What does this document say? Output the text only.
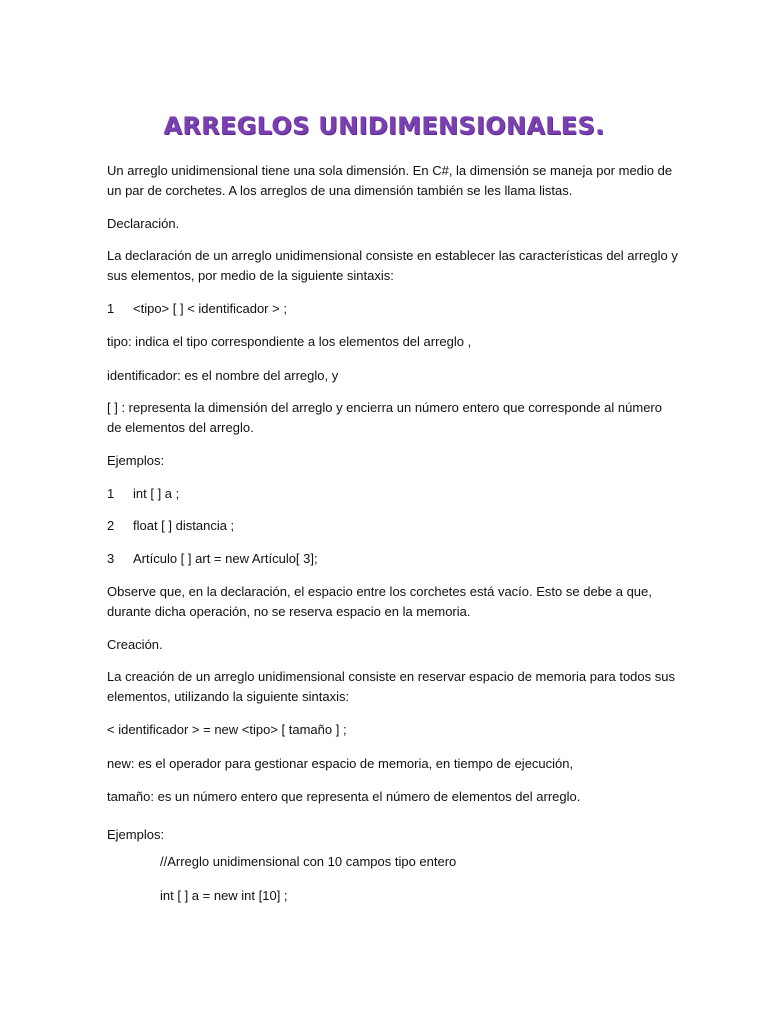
ARREGLOS UNIDIMENSIONALES.
Un arreglo unidimensional tiene una sola dimensión. En C#, la dimensión se maneja por medio de
un par de corchetes. A los arreglos de una dimensión también se les llama listas.
Declaración.
La declaración de un arreglo unidimensional consiste en establecer las características del arreglo y
sus elementos, por medio de la siguiente sintaxis:
1 <tipo> [ ] < identificador > ;
tipo: indica el tipo correspondiente a los elementos del arreglo ,
identificador: es el nombre del arreglo, y
[ ] : representa la dimensión del arreglo y encierra un número entero que corresponde al número
de elementos del arreglo.
Ejemplos:
1 int [ ] a ;
2 float [ ] distancia ;
3 Artículo [ ] art = new Artículo[ 3];
Observe que, en la declaración, el espacio entre los corchetes está vacío. Esto se debe a que,
durante dicha operación, no se reserva espacio en la memoria.
Creación.
La creación de un arreglo unidimensional consiste en reservar espacio de memoria para todos sus
elementos, utilizando la siguiente sintaxis:
< identificador > = new <tipo> [ tamaño ] ;
new: es el operador para gestionar espacio de memoria, en tiempo de ejecución,
tamaño: es un número entero que representa el número de elementos del arreglo.
Ejemplos:
//Arreglo unidimensional con 10 campos tipo entero
int [ ] a = new int [10] ;
